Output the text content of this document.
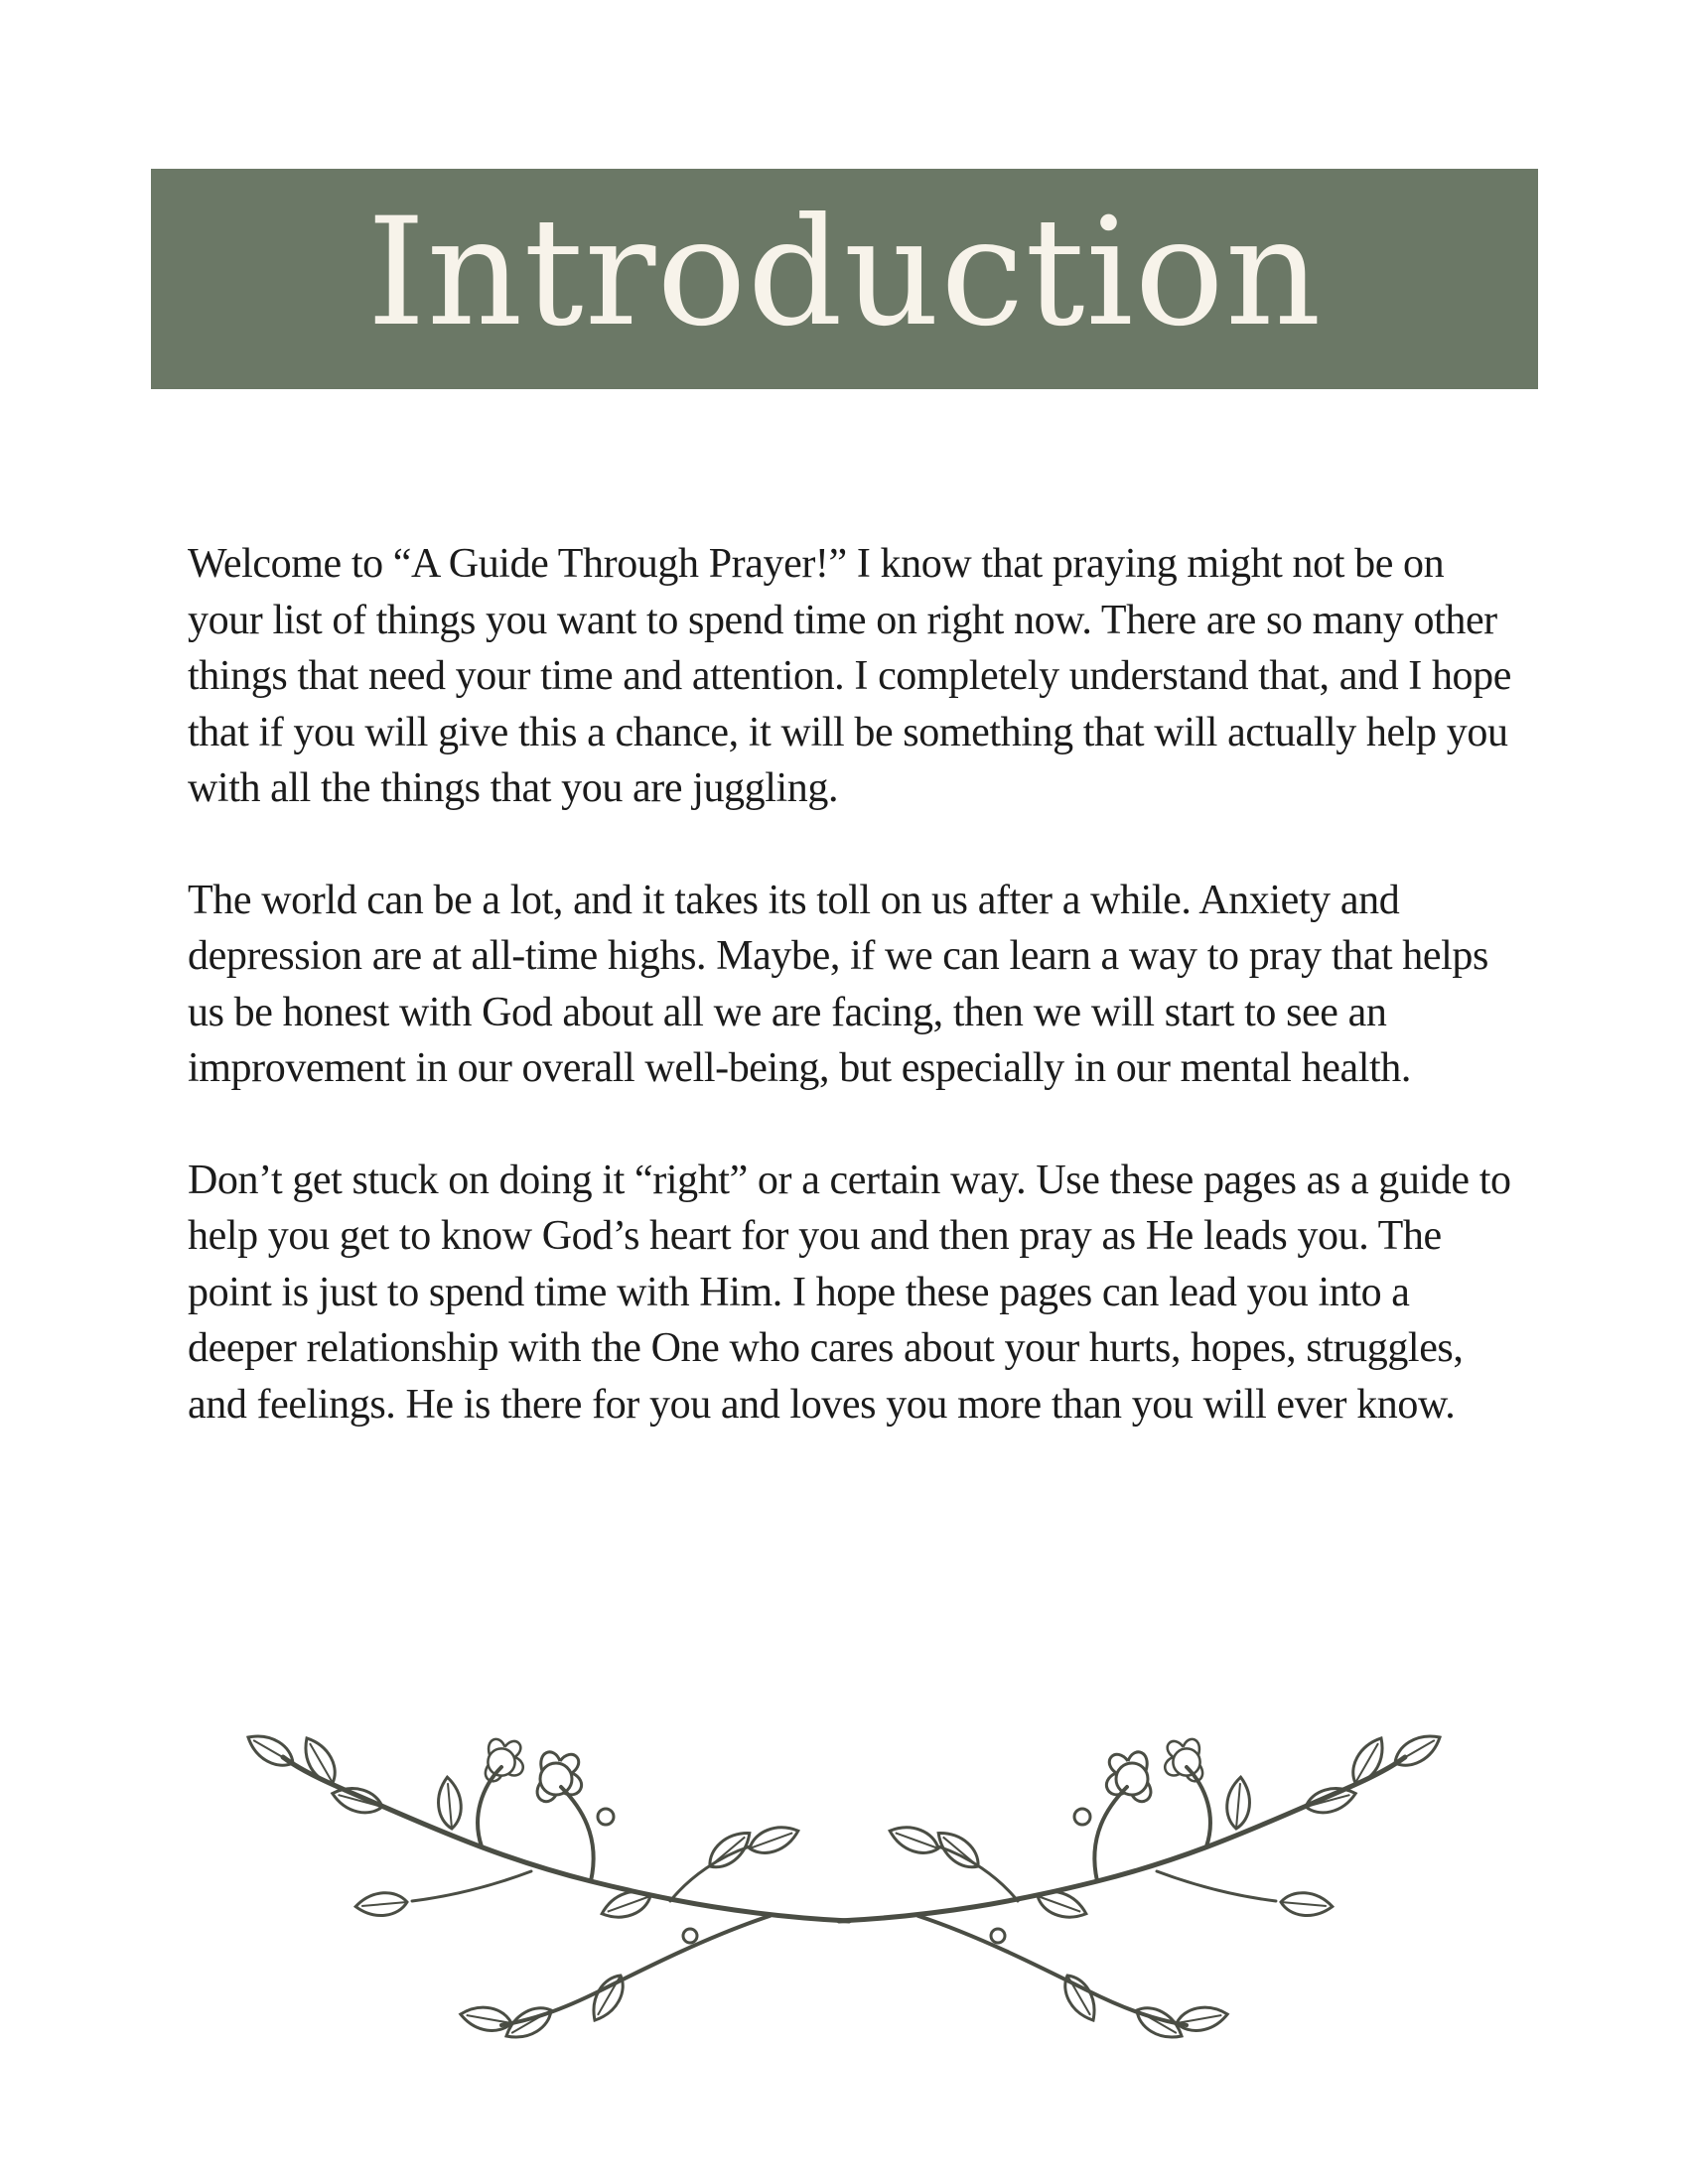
Introduction

Welcome to “A Guide Through Prayer!” I know that praying might not be on your list of things you want to spend time on right now. There are so many other things that need your time and attention. I completely understand that, and I hope that if you will give this a chance, it will be something that will actually help you with all the things that you are juggling.

The world can be a lot, and it takes its toll on us after a while. Anxiety and depression are at all-time highs. Maybe, if we can learn a way to pray that helps us be honest with God about all we are facing, then we will start to see an improvement in our overall well-being, but especially in our mental health.

Don’t get stuck on doing it “right” or a certain way. Use these pages as a guide to help you get to know God’s heart for you and then pray as He leads you. The point is just to spend time with Him. I hope these pages can lead you into a deeper relationship with the One who cares about your hurts, hopes, struggles, and feelings. He is there for you and loves you more than you will ever know.
